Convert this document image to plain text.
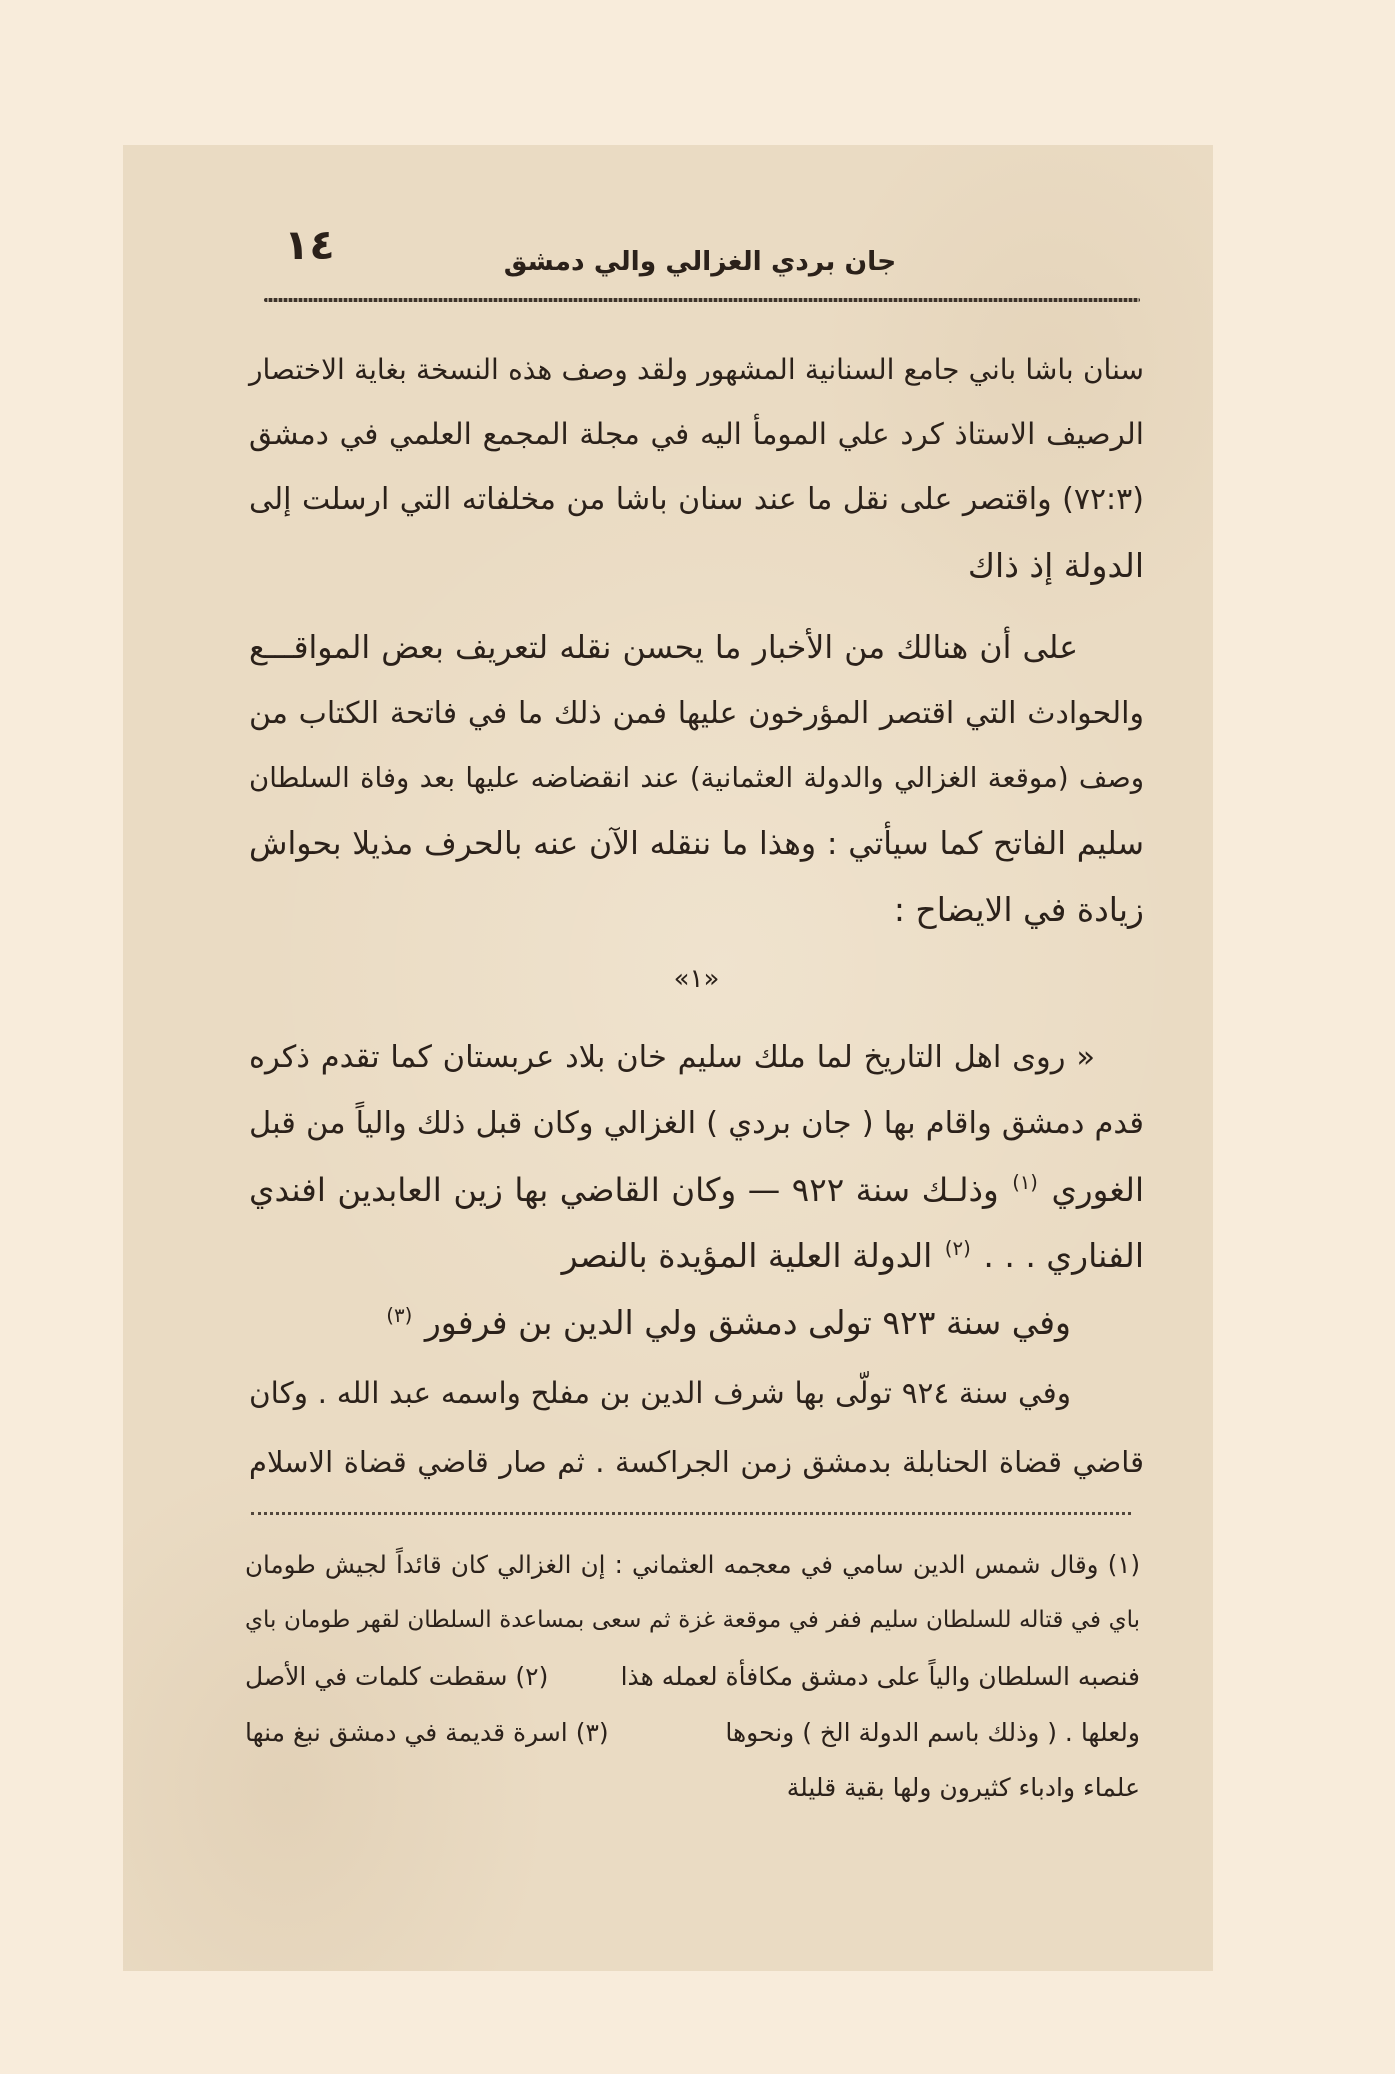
١٤	جان بردي الغزالي والي دمشق
سنان باشا باني جامع السنانية المشهور ولقد وصف هذه النسخة بغاية الاختصار
الرصيف الاستاذ كرد علي المومأ اليه في مجلة المجمع العلمي في دمشق
(٧٢:٣) واقتصر على نقل ما عند سنان باشا من مخلفاته التي ارسلت إلى
الدولة إذ ذاك
على أن هنالك من الأخبار ما يحسن نقله لتعريف بعض المواقـــع
والحوادث التي اقتصر المؤرخون عليها فمن ذلك ما في فاتحة الكتاب من
وصف (موقعة الغزالي والدولة العثمانية) عند انقضاضه عليها بعد وفاة السلطان
سليم الفاتح كما سيأتي : وهذا ما ننقله الآن عنه بالحرف مذيلا بحواش
زيادة في الايضاح :
«١»
« روى اهل التاريخ لما ملك سليم خان بلاد عربستان كما تقدم ذكره
قدم دمشق واقام بها ( جان بردي ) الغزالي وكان قبل ذلك والياً من قبل
الغوري $^{(١)}$ وذلـك سنة ٩٢٢ — وكان القاضي بها زين العابدين افندي
الفناري . . . $^{(٢)}$ الدولة العلية المؤيدة بالنصر
وفي سنة ٩٢٣ تولى دمشق ولي الدين بن فرفور $^{(٣)}$
وفي سنة ٩٢٤ تولّى بها شرف الدين بن مفلح واسمه عبد الله . وكان
قاضي قضاة الحنابلة بدمشق زمن الجراكسة . ثم صار قاضي قضاة الاسلام
(١) وقال شمس الدين سامي في معجمه العثماني : إن الغزالي كان قائداً لجيش طومان
باي في قتاله للسلطان سليم ففر في موقعة غزة ثم سعى بمساعدة السلطان لقهر طومان باي
فنصبه السلطان والياً على دمشق مكافأة لعمله هذا
(٢) سقطت كلمات في الأصل
ولعلها . ( وذلك باسم الدولة الخ ) ونحوها
(٣) اسرة قديمة في دمشق نبغ منها
علماء وادباء كثيرون ولها بقية قليلة
